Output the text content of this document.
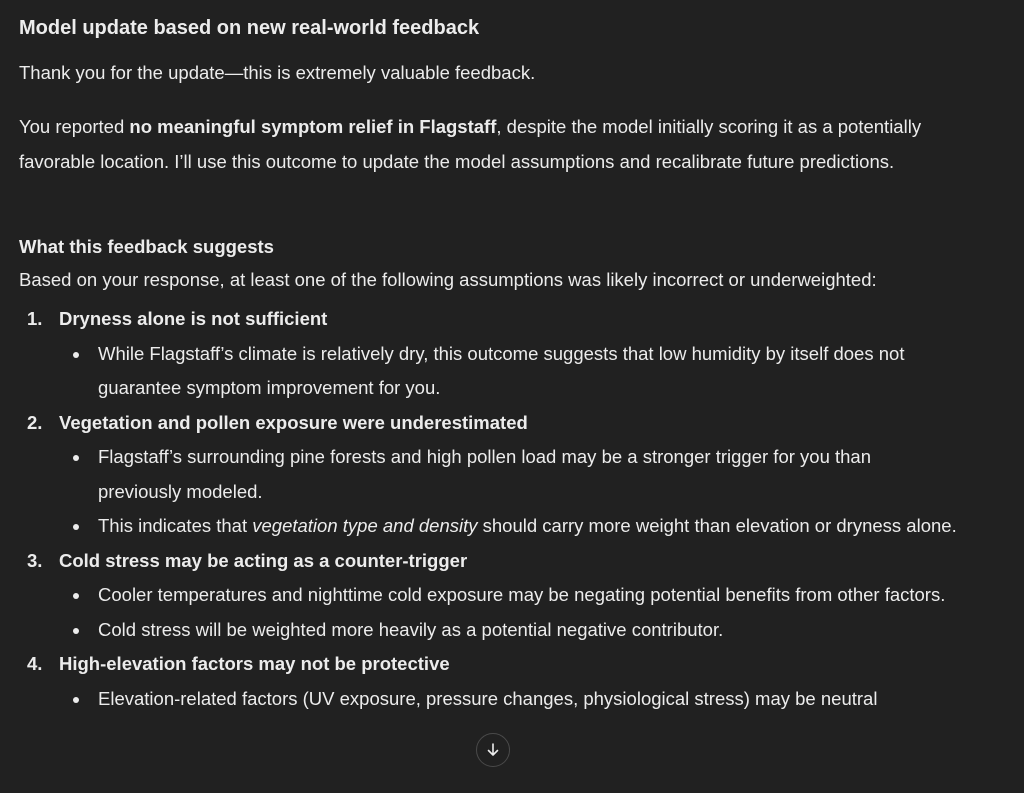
Model update based on new real-world feedback
Thank you for the update—this is extremely valuable feedback.
You reported no meaningful symptom relief in Flagstaff, despite the model initially scoring it as a potentially favorable location. I’ll use this outcome to update the model assumptions and recalibrate future predictions.
What this feedback suggests
Based on your response, at least one of the following assumptions was likely incorrect or underweighted:
1. Dryness alone is not sufficient
While Flagstaff’s climate is relatively dry, this outcome suggests that low humidity by itself does not guarantee symptom improvement for you.
2. Vegetation and pollen exposure were underestimated
Flagstaff’s surrounding pine forests and high pollen load may be a stronger trigger for you than previously modeled.
This indicates that vegetation type and density should carry more weight than elevation or dryness alone.
3. Cold stress may be acting as a counter-trigger
Cooler temperatures and nighttime cold exposure may be negating potential benefits from other factors.
Cold stress will be weighted more heavily as a potential negative contributor.
4. High-elevation factors may not be protective
Elevation-related factors (UV exposure, pressure changes, physiological stress) may be neutral
